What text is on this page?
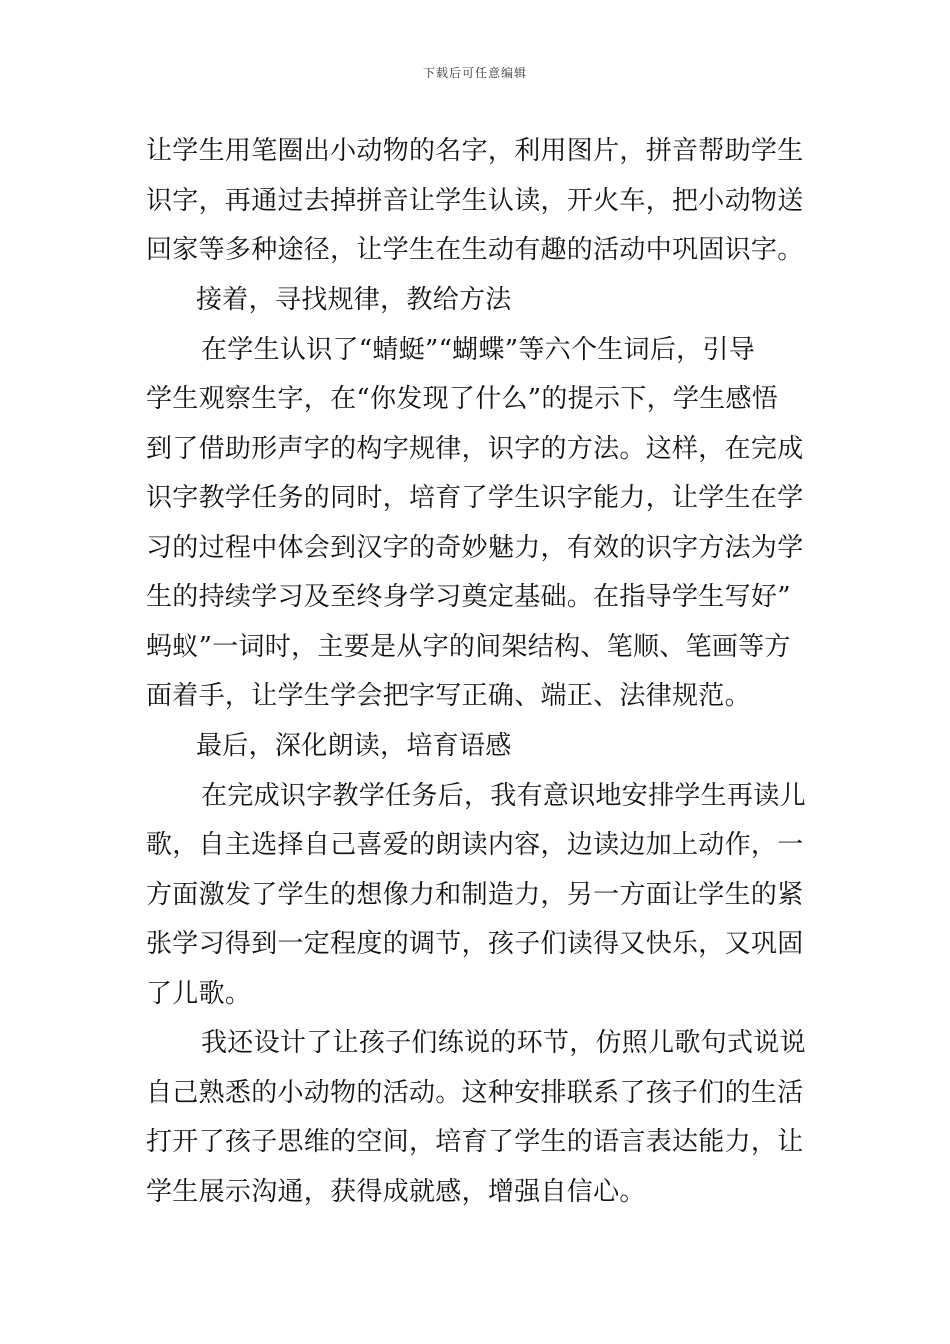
下载后可任意编辑
让学生用笔圈出小动物的名字，利用图片，拼音帮助学生
识字，再通过去掉拼音让学生认读，开火车，把小动物送
回家等多种途径，让学生在生动有趣的活动中巩固识字。
接着，寻找规律，教给方法
在学生认识了“蜻蜓”“蝴蝶”等六个生词后，引导
学生观察生字，在“你发现了什么”的提示下，学生感悟
到了借助形声字的构字规律，识字的方法。这样，在完成
识字教学任务的同时，培育了学生识字能力，让学生在学
习的过程中体会到汉字的奇妙魅力，有效的识字方法为学
生的持续学习及至终身学习奠定基础。在指导学生写好”
蚂蚁”一词时，主要是从字的间架结构、笔顺、笔画等方
面着手，让学生学会把字写正确、端正、法律规范。
最后，深化朗读，培育语感
在完成识字教学任务后，我有意识地安排学生再读儿
歌，自主选择自己喜爱的朗读内容，边读边加上动作，一
方面激发了学生的想像力和制造力，另一方面让学生的紧
张学习得到一定程度的调节，孩子们读得又快乐，又巩固
了儿歌。
我还设计了让孩子们练说的环节，仿照儿歌句式说说
自己熟悉的小动物的活动。这种安排联系了孩子们的生活
打开了孩子思维的空间，培育了学生的语言表达能力，让
学生展示沟通，获得成就感，增强自信心。
